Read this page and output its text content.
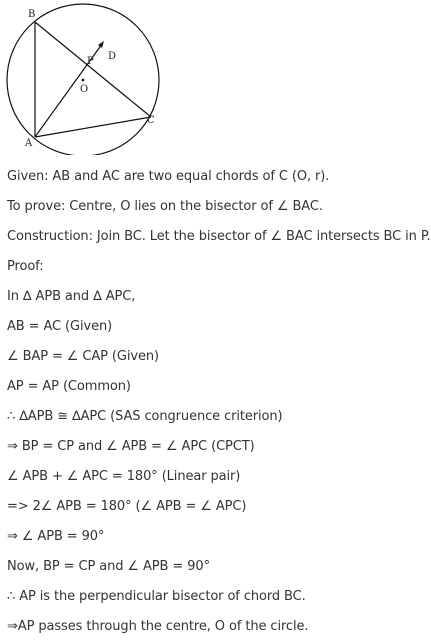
B
A
C
O
P D
Given: AB and AC are two equal chords of C (O, r).
To prove: Centre, O lies on the bisector of ∠ BAC.
Construction: Join BC. Let the bisector of ∠ BAC intersects BC in P.
Proof:
In ∆ APB and ∆ APC,
AB = AC (Given)
∠ BAP = ∠ CAP (Given)
AP = AP (Common)
∴ ∆APB ≅ ∆APC (SAS congruence criterion)
⇒ BP = CP and ∠ APB = ∠ APC (CPCT)
∠ APB + ∠ APC = 180° (Linear pair)
=> 2∠ APB = 180° (∠ APB = ∠ APC)
⇒ ∠ APB = 90°
Now, BP = CP and ∠ APB = 90°
∴ AP is the perpendicular bisector of chord BC.
⇒AP passes through the centre, O of the circle.
